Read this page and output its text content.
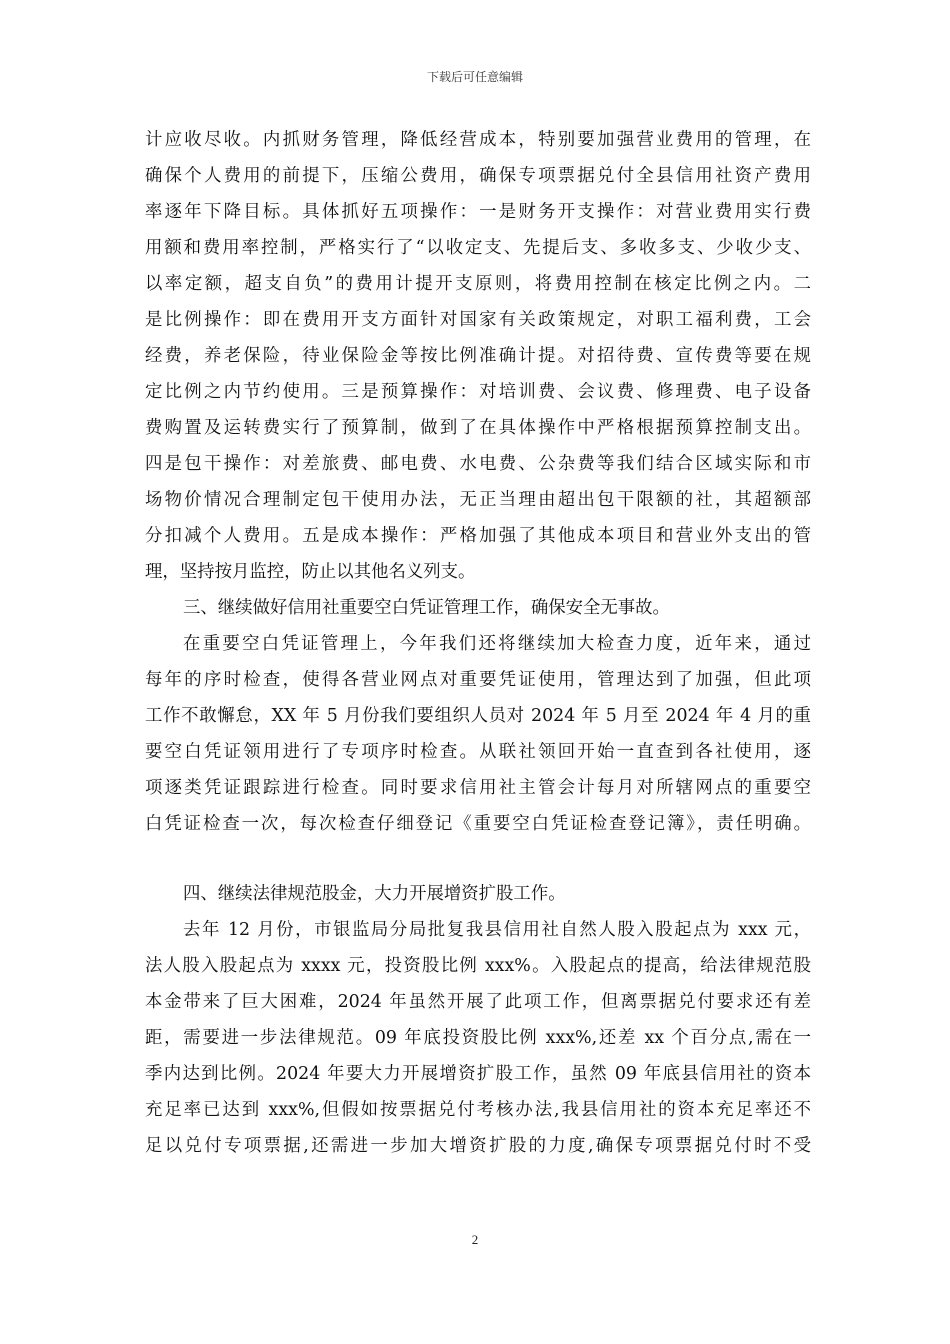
下载后可任意编辑
计应收尽收。内抓财务管理，降低经营成本，特别要加强营业费用的管理，在
确保个人费用的前提下，压缩公费用，确保专项票据兑付全县信用社资产费用
率逐年下降目标。具体抓好五项操作：一是财务开支操作：对营业费用实行费
用额和费用率控制，严格实行了“以收定支、先提后支、多收多支、少收少支、
以率定额，超支自负”的费用计提开支原则，将费用控制在核定比例之内。二
是比例操作：即在费用开支方面针对国家有关政策规定，对职工福利费，工会
经费，养老保险，待业保险金等按比例准确计提。对招待费、宣传费等要在规
定比例之内节约使用。三是预算操作：对培训费、会议费、修理费、电子设备
费购置及运转费实行了预算制，做到了在具体操作中严格根据预算控制支出。
四是包干操作：对差旅费、邮电费、水电费、公杂费等我们结合区域实际和市
场物价情况合理制定包干使用办法，无正当理由超出包干限额的社，其超额部
分扣减个人费用。五是成本操作：严格加强了其他成本项目和营业外支出的管
理，坚持按月监控，防止以其他名义列支。
三、继续做好信用社重要空白凭证管理工作，确保安全无事故。
在重要空白凭证管理上，今年我们还将继续加大检查力度，近年来，通过
每年的序时检查，使得各营业网点对重要凭证使用，管理达到了加强，但此项
工作不敢懈怠，XX 年 5 月份我们要组织人员对 2024 年 5 月至 2024 年 4 月的重
要空白凭证领用进行了专项序时检查。从联社领回开始一直查到各社使用，逐
项逐类凭证跟踪进行检查。同时要求信用社主管会计每月对所辖网点的重要空
白凭证检查一次，每次检查仔细登记《重要空白凭证检查登记簿》，责任明确。
四、继续法律规范股金，大力开展增资扩股工作。
去年 12 月份，市银监局分局批复我县信用社自然人股入股起点为 xxx 元，
法人股入股起点为 xxxx 元，投资股比例 xxx%。入股起点的提高，给法律规范股
本金带来了巨大困难，2024 年虽然开展了此项工作，但离票据兑付要求还有差
距，需要进一步法律规范。09 年底投资股比例 xxx%,还差 xx 个百分点,需在一
季内达到比例。2024 年要大力开展增资扩股工作，虽然 09 年底县信用社的资本
充足率已达到 xxx%,但假如按票据兑付考核办法,我县信用社的资本充足率还不
足以兑付专项票据,还需进一步加大增资扩股的力度,确保专项票据兑付时不受
2
